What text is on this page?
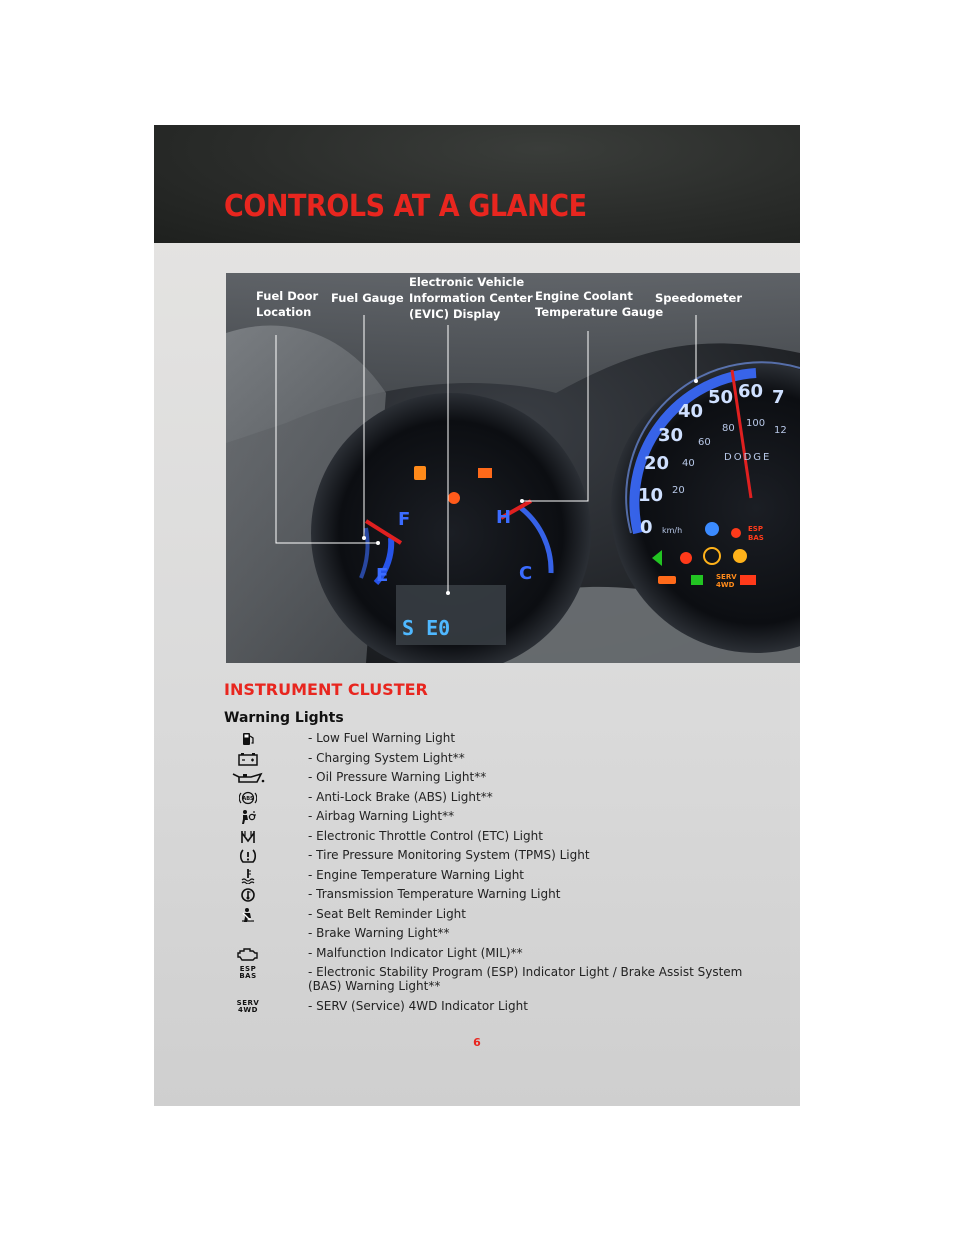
CONTROLS AT A GLANCE
F
E
H
C
S E0
0
10
20
30
40
50 60 7
20
40
60
80 100
12
km/h
DODGE
ESP
BAS
SERV
4WD
Fuel Door
Location
Fuel Gauge
Electronic Vehicle
Information Center
(EVIC) Display
Engine Coolant
Temperature Gauge
Speedometer
INSTRUMENT CLUSTER
Warning Lights
- Low Fuel Warning Light
- Charging System Light**
- Oil Pressure Warning Light**
ABS	- Anti-Lock Brake (ABS) Light**
- Airbag Warning Light**
- Electronic Throttle Control (ETC) Light
- Tire Pressure Monitoring System (TPMS) Light
- Engine Temperature Warning Light
- Transmission Temperature Warning Light
- Seat Belt Reminder Light
- Brake Warning Light**
- Malfunction Indicator Light (MIL)**
ESP
BAS	- Electronic Stability Program (ESP) Indicator Light / Brake Assist System
(BAS) Warning Light**
SERV
4WD	- SERV (Service) 4WD Indicator Light
6
